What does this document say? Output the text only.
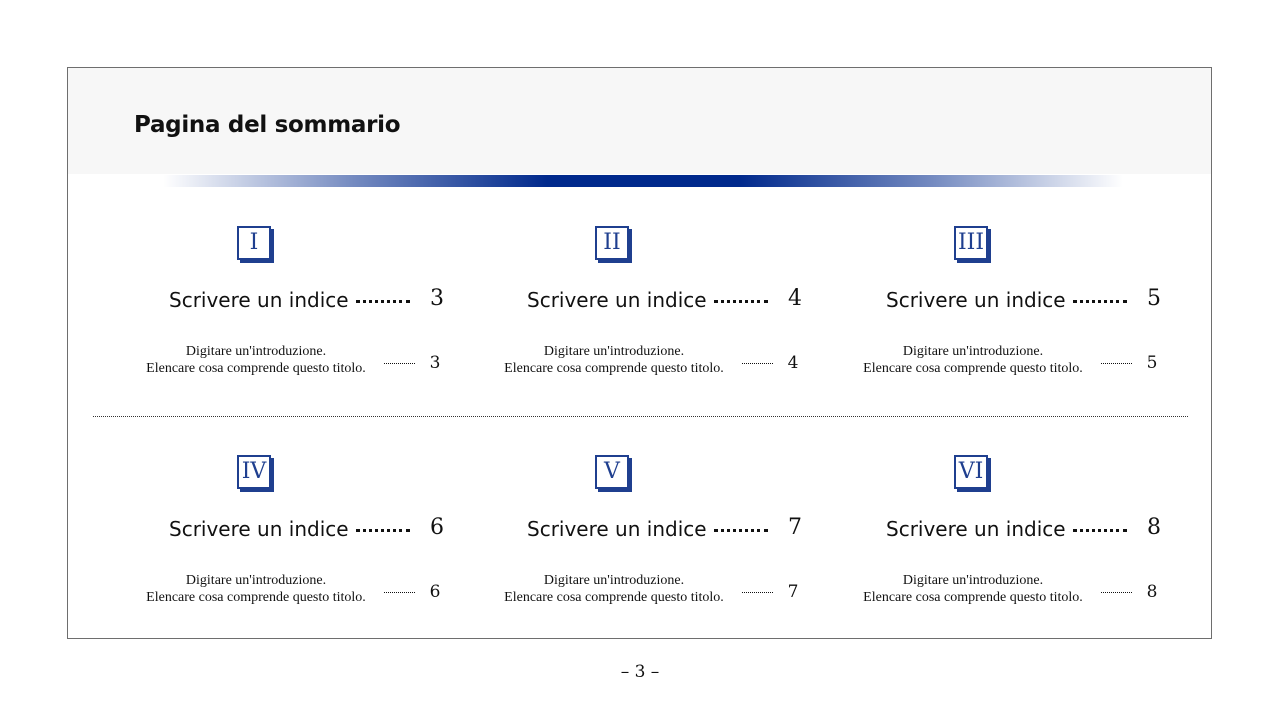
Pagina del sommario
I
Scrivere un indice	3
Digitare un'introduzione.
Elencare cosa comprende questo titolo.	3
II
Scrivere un indice	4
Digitare un'introduzione.
Elencare cosa comprende questo titolo.	4
III
Scrivere un indice	5
Digitare un'introduzione.
Elencare cosa comprende questo titolo.	5
IV
Scrivere un indice	6
Digitare un'introduzione.
Elencare cosa comprende questo titolo.	6
V
Scrivere un indice	7
Digitare un'introduzione.
Elencare cosa comprende questo titolo.	7
VI
Scrivere un indice	8
Digitare un'introduzione.
Elencare cosa comprende questo titolo.	8
– 3 –
